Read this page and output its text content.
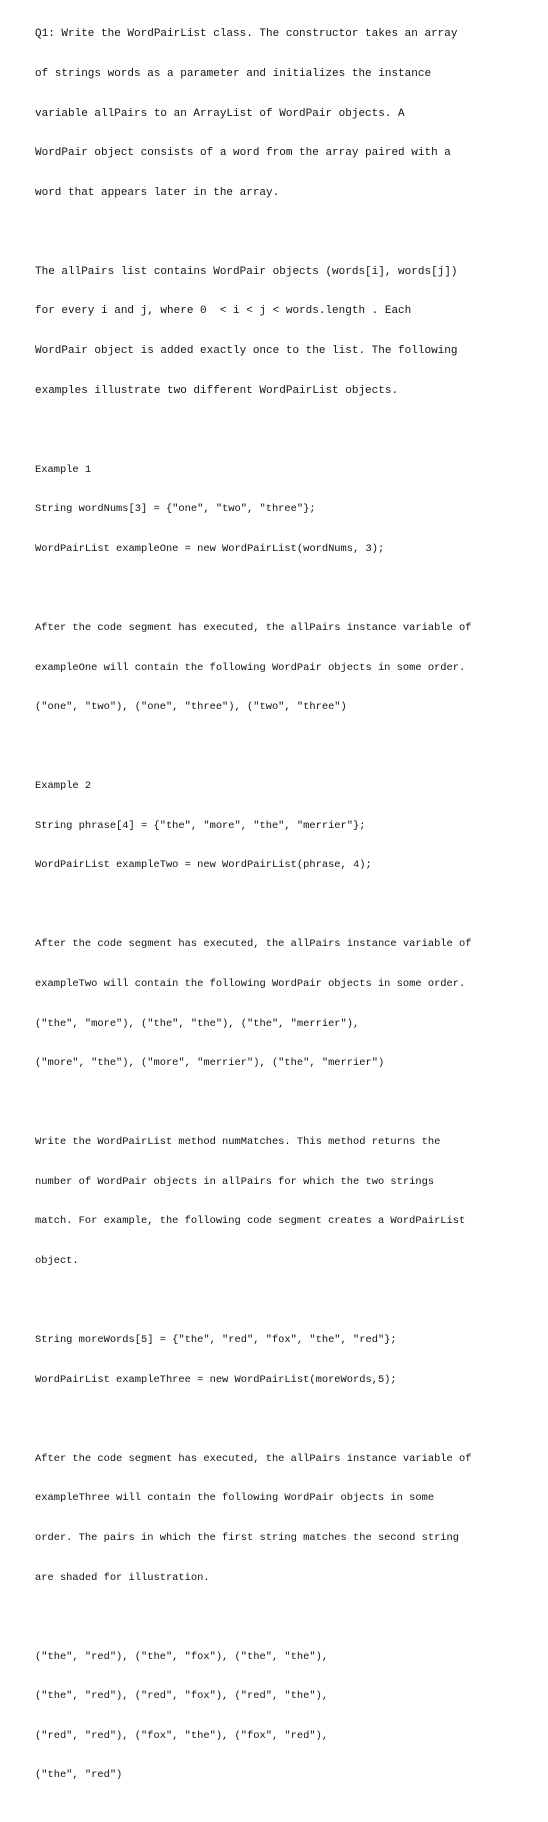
Q1: Write the WordPairList class. The constructor takes an array

of strings words as a parameter and initializes the instance

variable allPairs to an ArrayList of WordPair objects. A

WordPair object consists of a word from the array paired with a

word that appears later in the array.

The allPairs list contains WordPair objects (words[i], words[j])

for every i and j, where 0  < i < j < words.length . Each

WordPair object is added exactly once to the list. The following

examples illustrate two different WordPairList objects.

Example 1

String wordNums[3] = {"one", "two", "three"};

WordPairList exampleOne = new WordPairList(wordNums, 3);

After the code segment has executed, the allPairs instance variable of

exampleOne will contain the following WordPair objects in some order.

("one", "two"), ("one", "three"), ("two", "three")

Example 2

String phrase[4] = {"the", "more", "the", "merrier"};

WordPairList exampleTwo = new WordPairList(phrase, 4);

After the code segment has executed, the allPairs instance variable of

exampleTwo will contain the following WordPair objects in some order.

("the", "more"), ("the", "the"), ("the", "merrier"),

("more", "the"), ("more", "merrier"), ("the", "merrier")

Write the WordPairList method numMatches. This method returns the

number of WordPair objects in allPairs for which the two strings

match. For example, the following code segment creates a WordPairList

object.

String moreWords[5] = {"the", "red", "fox", "the", "red"};

WordPairList exampleThree = new WordPairList(moreWords,5);

After the code segment has executed, the allPairs instance variable of

exampleThree will contain the following WordPair objects in some

order. The pairs in which the first string matches the second string

are shaded for illustration.

("the", "red"), ("the", "fox"), ("the", "the"),

("the", "red"), ("red", "fox"), ("red", "the"),

("red", "red"), ("fox", "the"), ("fox", "red"),

("the", "red")
